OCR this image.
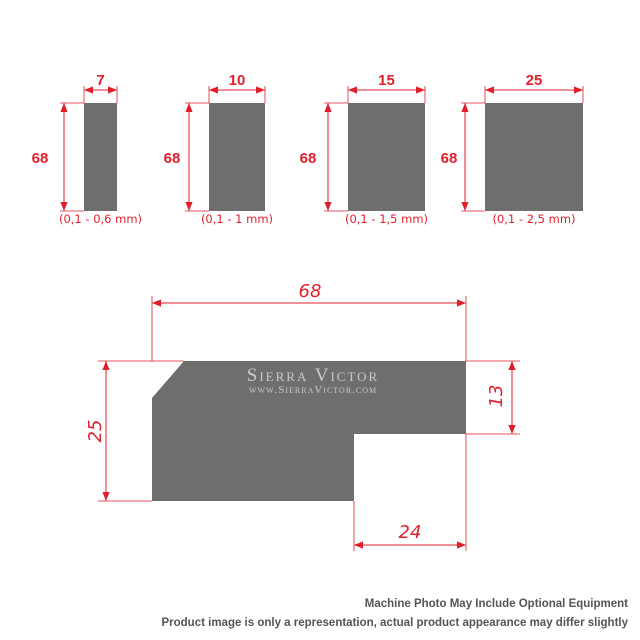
7
68
(0,1 - 0,6 mm)
10
68
(0,1 - 1 mm)
15
68
(0,1 - 1,5 mm)
25
68
(0,1 - 2,5 mm)
Sierra Victor
www.SierraVictor.com
68
25
13
24
Machine Photo May Include Optional Equipment
Product image is only a representation, actual product appearance may differ slightly
